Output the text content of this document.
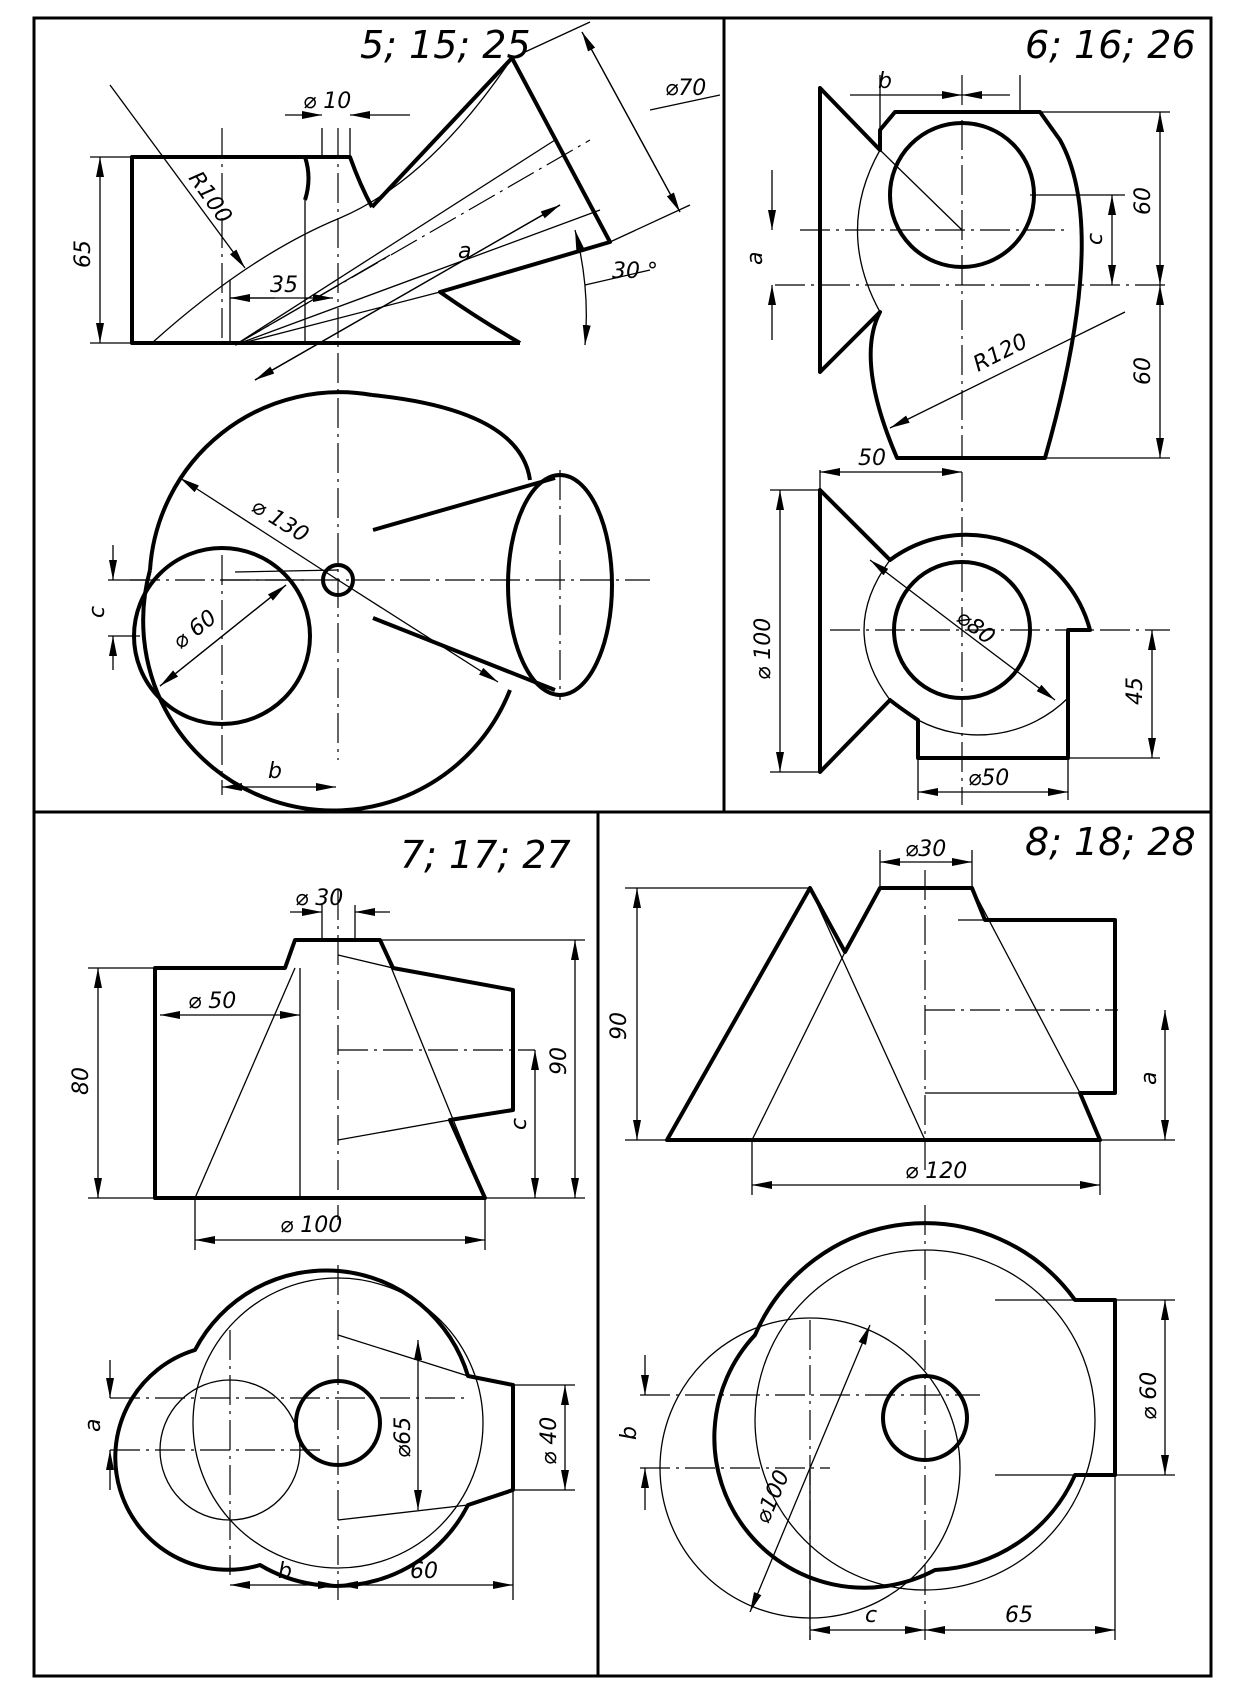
5; 15; 25
R100
⌀ 10
65
35
a
⌀70
30 °
⌀ 130
⌀ 60
c
b
6; 16; 26
b
a
60
c
60
R120
50
⌀ 100	⌀80
45
⌀50
7; 17; 27
⌀ 30
⌀ 50
80
90
c
⌀ 100
⌀65	⌀ 40
a
b	60
8; 18; 28
⌀30
90
a
⌀ 120
⌀ 60
b
⌀100
c	65
